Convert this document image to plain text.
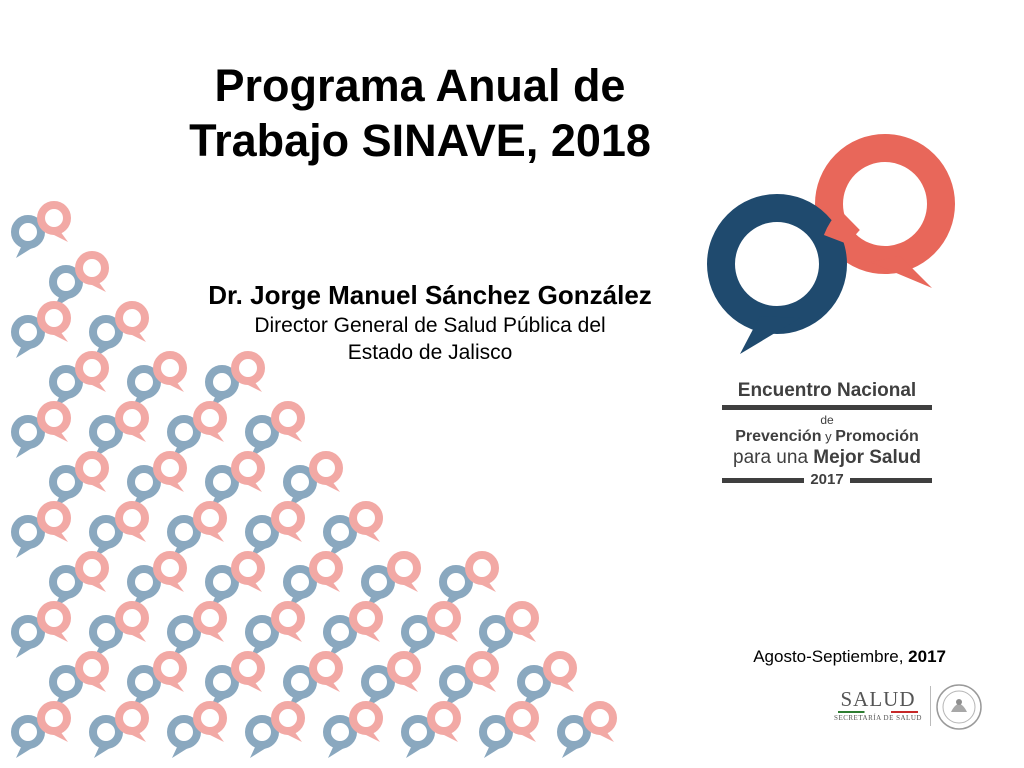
Programa Anual de
Trabajo SINAVE, 2018
Dr. Jorge Manuel Sánchez González
Director General de Salud Pública del
Estado de Jalisco
Encuentro Nacional
de
Prevención y Promoción
para una Mejor Salud
2017
Agosto-Septiembre, 2017
SALUD
SECRETARÍA DE SALUD
